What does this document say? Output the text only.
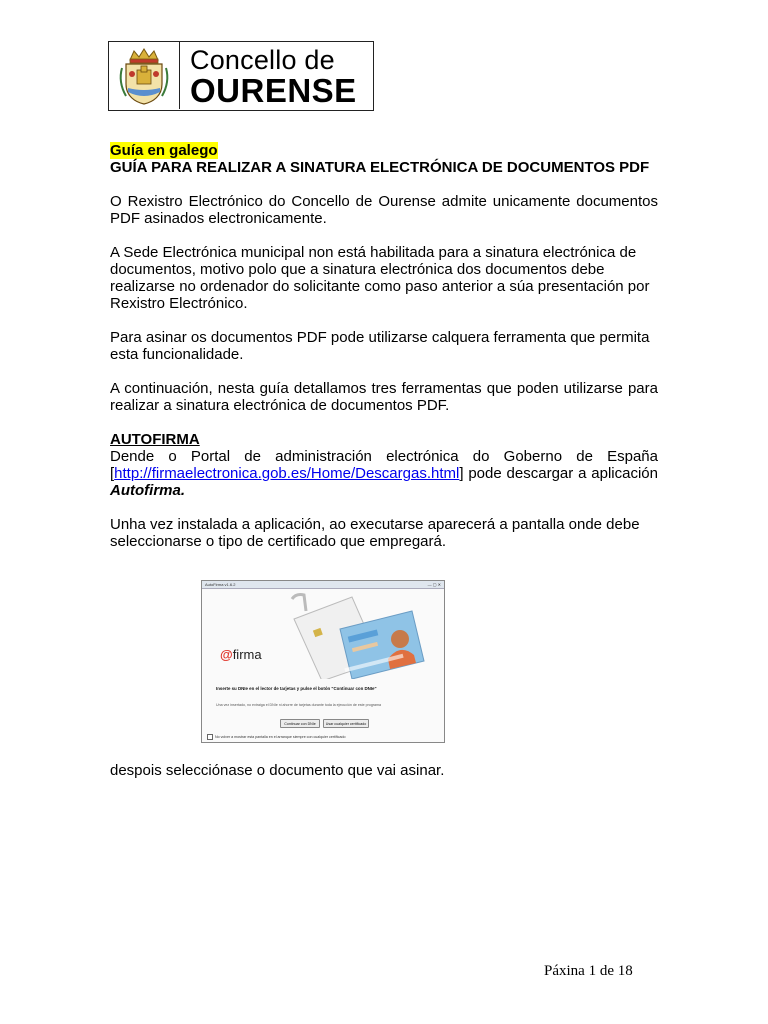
Concello de
OURENSE

Guía en galego

GUÍA PARA REALIZAR A SINATURA ELECTRÓNICA DE DOCUMENTOS PDF

O Rexistro Electrónico do Concello de Ourense admite unicamente documentos PDF asinados electronicamente.

A Sede Electrónica municipal non está habilitada para a sinatura electrónica de documentos, motivo polo que a sinatura electrónica dos documentos debe realizarse no ordenador do solicitante como paso anterior a súa presentación por Rexistro Electrónico.

Para asinar os documentos PDF pode utilizarse calquera ferramenta que permita esta funcionalidade.

A continuación, nesta guía detallamos tres ferramentas que poden utilizarse para realizar a sinatura electrónica de documentos PDF.

AUTOFIRMA

Dende o Portal de administración electrónica do Goberno de España [http://firmaelectronica.gob.es/Home/Descargas.html] pode descargar a aplicación Autofirma.

Unha vez instalada a aplicación, ao executarse aparecerá a pantalla onde debe seleccionarse o tipo de certificado que empregará.

AutoFirma v1.6.2	— ▢ ✕
@firma
Inserte su DNIe en el lector de tarjetas y pulse el botón "Continuar con DNIe"
Una vez insertado, no extraiga el DNIe ni ahorre de tarjetas durante toda la ejecución de este programa
Continuar con DNIe	Usar cualquier certificado
No volver a mostrar esta pantalla en el arranque siempre con cualquier certificado

despois selecciónase o documento que vai asinar.

Páxina 1 de 18
